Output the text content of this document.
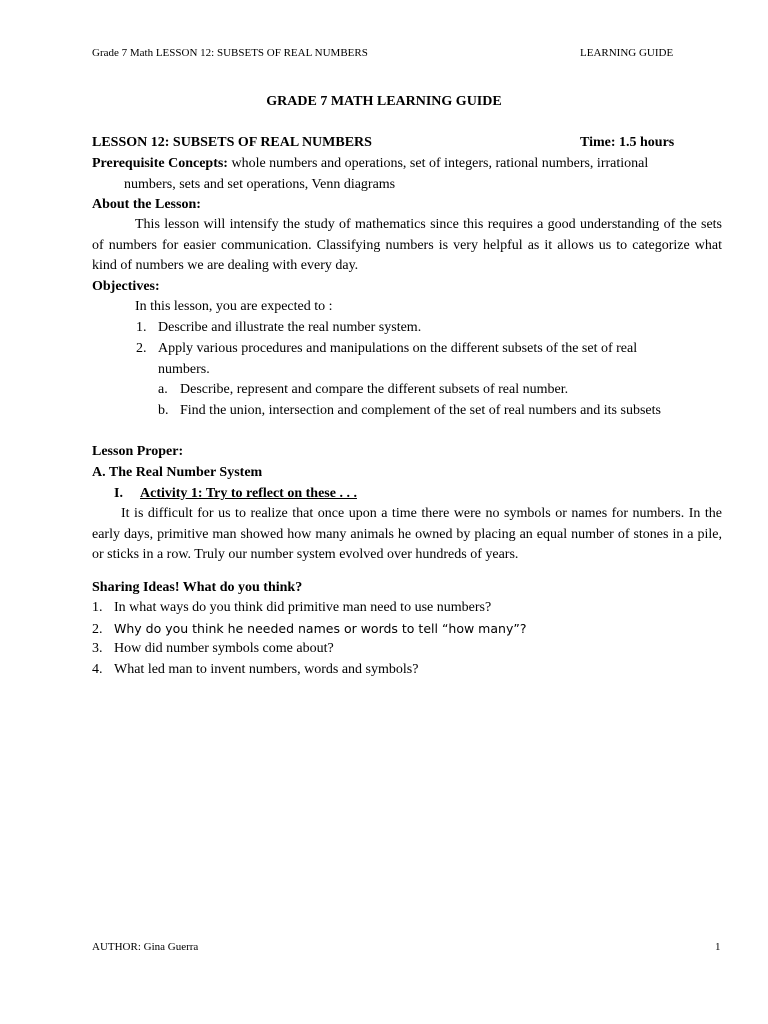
Grade 7 Math LESSON 12: SUBSETS OF REAL NUMBERS	LEARNING GUIDE
GRADE 7 MATH LEARNING GUIDE
LESSON 12: SUBSETS OF REAL NUMBERS	Time: 1.5 hours
Prerequisite Concepts: whole numbers and operations, set of integers, rational numbers, irrational
numbers, sets and set operations, Venn diagrams
About the Lesson:
This lesson will intensify the study of mathematics since this requires a good understanding of the sets of numbers for easier communication. Classifying numbers is very helpful as it allows us to categorize what kind of numbers we are dealing with every day.
Objectives:
In this lesson, you are expected to :
1. Describe and illustrate the real number system.
2. Apply various procedures and manipulations on the different subsets of the set of real
numbers.
a. Describe, represent and compare the different subsets of real number.
b. Find the union, intersection and complement of the set of real numbers and its subsets
Lesson Proper:
A. The Real Number System
I. Activity 1: Try to reflect on these . . .
It is difficult for us to realize that once upon a time there were no symbols or names for numbers. In the early days, primitive man showed how many animals he owned by placing an equal number of stones in a pile, or sticks in a row. Truly our number system evolved over hundreds of years.
Sharing Ideas! What do you think?
1. In what ways do you think did primitive man need to use numbers?
2. Why do you think he needed names or words to tell “how many”?
3. How did number symbols come about?
4. What led man to invent numbers, words and symbols?
AUTHOR: Gina Guerra	1
